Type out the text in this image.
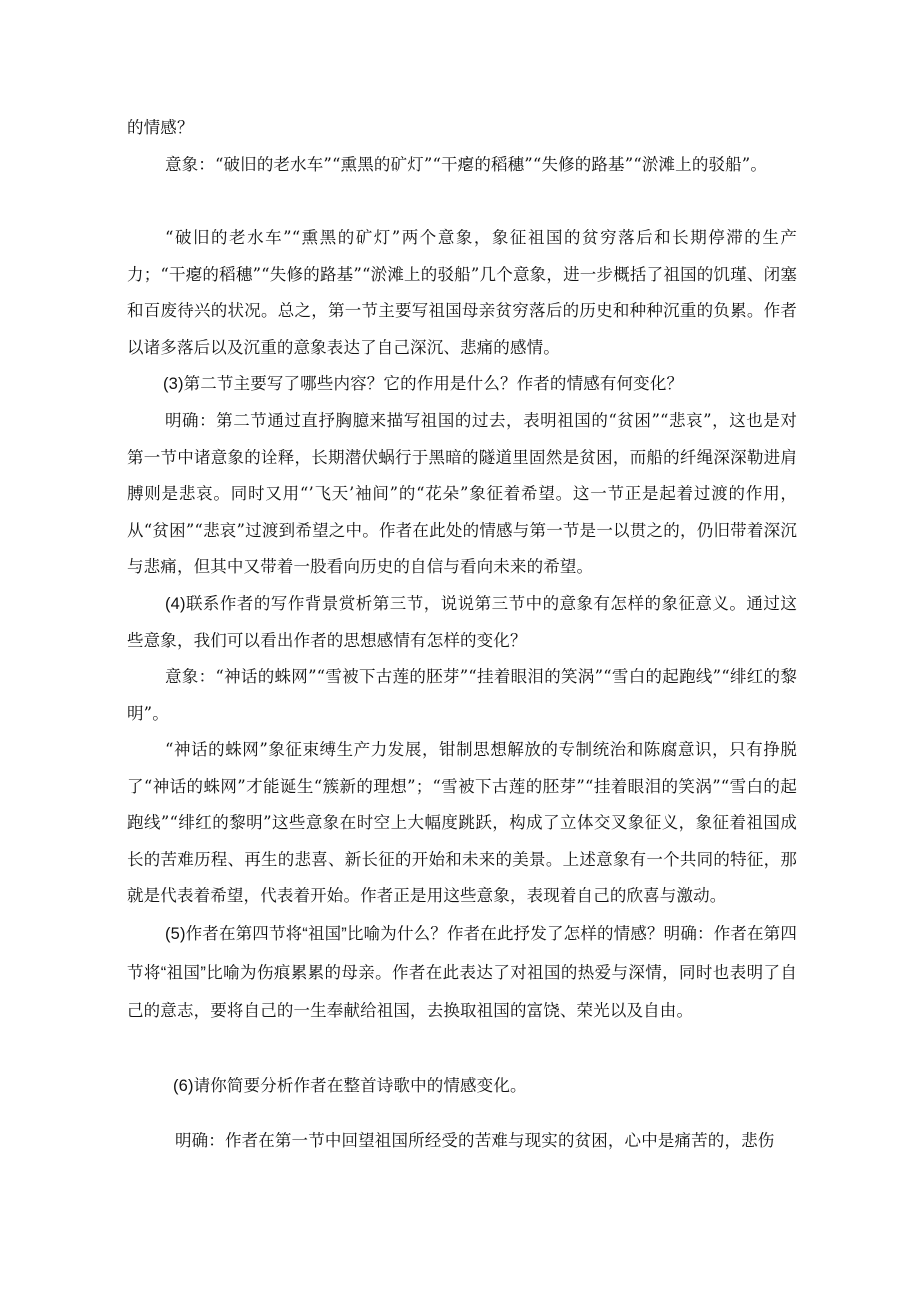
的情感？

意象：“破旧的老水车”“熏黑的矿灯”“干瘪的稻穗”“失修的路基”“淤滩上的驳船”。

“破旧的老水车”“熏黑的矿灯”两个意象，象征祖国的贫穷落后和长期停滞的生产力；“干瘪的稻穗”“失修的路基”“淤滩上的驳船”几个意象，进一步概括了祖国的饥瑾、闭塞和百废待兴的状况。总之，第一节主要写祖国母亲贫穷落后的历史和种种沉重的负累。作者以诸多落后以及沉重的意象表达了自己深沉、悲痛的感情。

(3)第二节主要写了哪些内容？它的作用是什么？作者的情感有何变化？

明确：第二节通过直抒胸臆来描写祖国的过去，表明祖国的“贫困”“悲哀”，这也是对第一节中诸意象的诠释，长期潜伏蜗行于黑暗的隧道里固然是贫困，而船的纤绳深深勒进肩膊则是悲哀。同时又用“’飞天’袖间”的“花朵”象征着希望。这一节正是起着过渡的作用，从“贫困”“悲哀”过渡到希望之中。作者在此处的情感与第一节是一以贯之的，仍旧带着深沉与悲痛，但其中又带着一股看向历史的自信与看向未来的希望。

(4)联系作者的写作背景赏析第三节，说说第三节中的意象有怎样的象征意义。通过这些意象，我们可以看出作者的思想感情有怎样的变化？

意象：“神话的蛛网”“雪被下古莲的胚芽”“挂着眼泪的笑涡”“雪白的起跑线”“绯红的黎明”。

“神话的蛛网”象征束缚生产力发展，钳制思想解放的专制统治和陈腐意识，只有挣脱了“神话的蛛网”才能诞生“簇新的理想”；“雪被下古莲的胚芽”“挂着眼泪的笑涡”“雪白的起跑线”“绯红的黎明”这些意象在时空上大幅度跳跃，构成了立体交叉象征义，象征着祖国成长的苦难历程、再生的悲喜、新长征的开始和未来的美景。上述意象有一个共同的特征，那就是代表着希望，代表着开始。作者正是用这些意象，表现着自己的欣喜与激动。

(5)作者在第四节将“祖国”比喻为什么？作者在此抒发了怎样的情感？明确：作者在第四节将“祖国”比喻为伤痕累累的母亲。作者在此表达了对祖国的热爱与深情，同时也表明了自己的意志，要将自己的一生奉献给祖国，去换取祖国的富饶、荣光以及自由。

(6)请你简要分析作者在整首诗歌中的情感变化。

明确：作者在第一节中回望祖国所经受的苦难与现实的贫困，心中是痛苦的，悲伤
